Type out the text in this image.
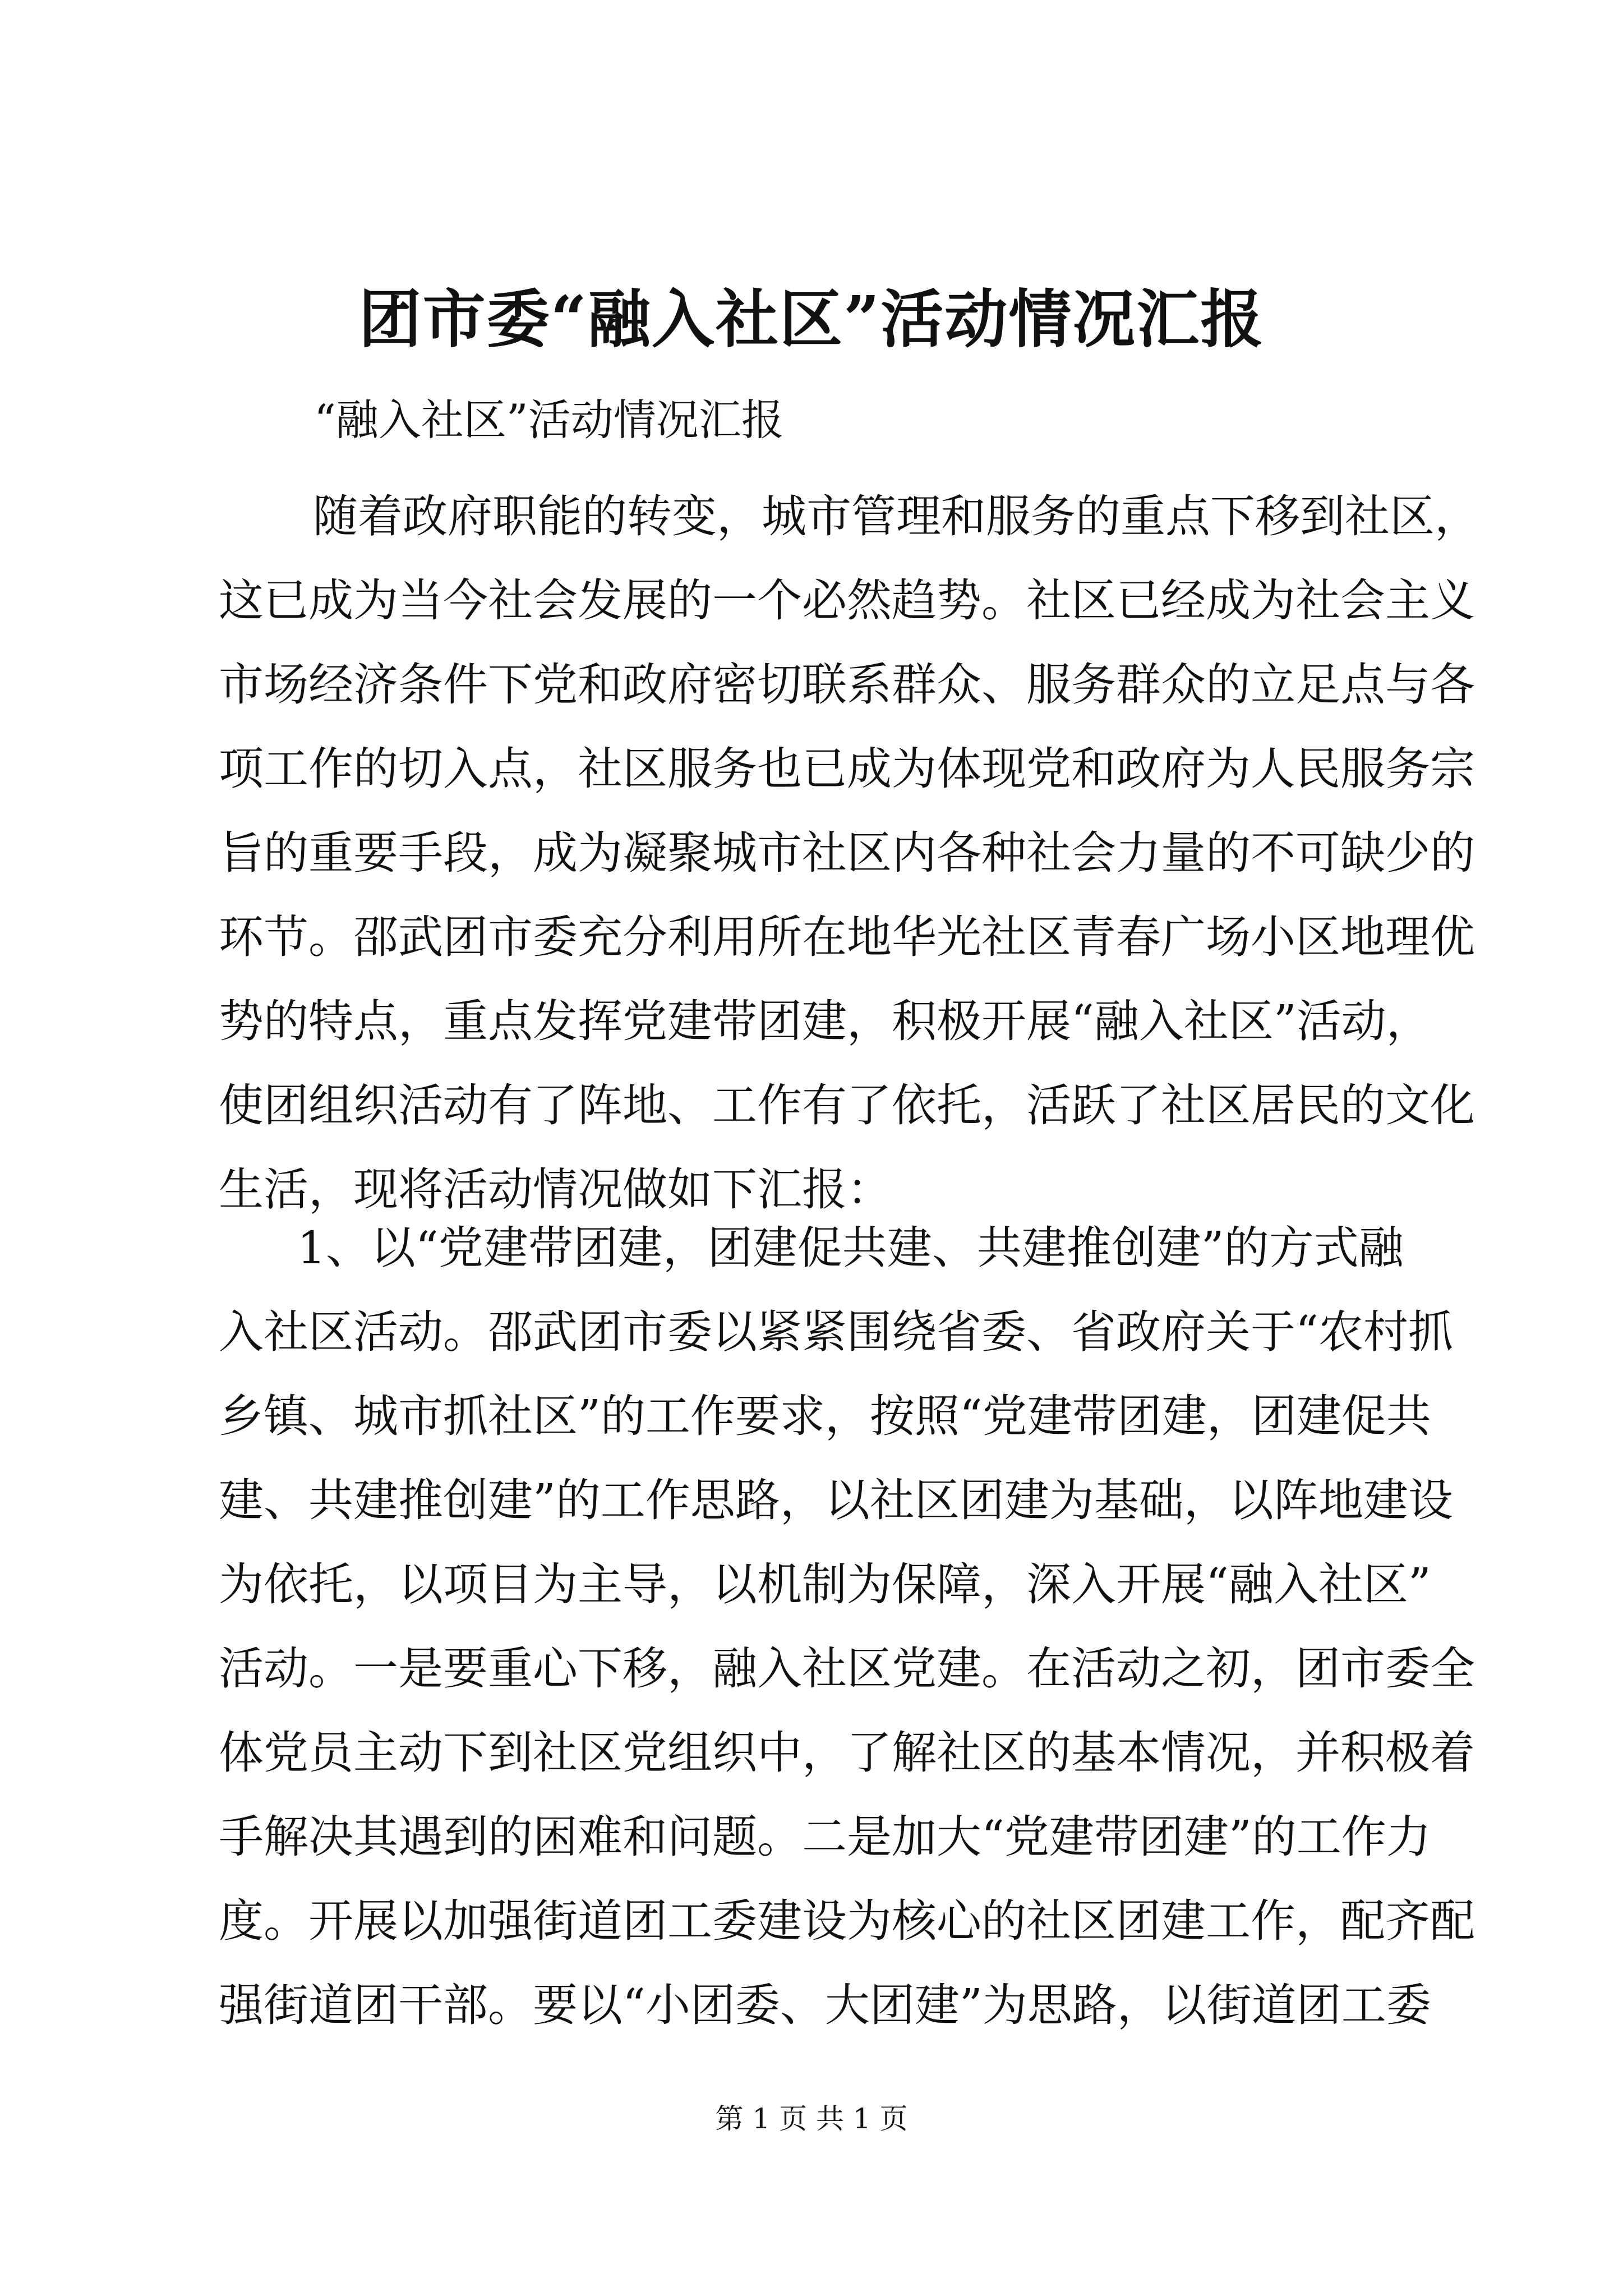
团市委“融入社区”活动情况汇报
“融入社区”活动情况汇报
随着政府职能的转变，城市管理和服务的重点下移到社区，
这已成为当今社会发展的一个必然趋势。社区已经成为社会主义
市场经济条件下党和政府密切联系群众、服务群众的立足点与各
项工作的切入点，社区服务也已成为体现党和政府为人民服务宗
旨的重要手段，成为凝聚城市社区内各种社会力量的不可缺少的
环节。邵武团市委充分利用所在地华光社区青春广场小区地理优
势的特点，重点发挥党建带团建，积极开展“融入社区”活动，
使团组织活动有了阵地、工作有了依托，活跃了社区居民的文化
生活，现将活动情况做如下汇报：
1、以“党建带团建，团建促共建、共建推创建”的方式融
入社区活动。邵武团市委以紧紧围绕省委、省政府关于“农村抓
乡镇、城市抓社区”的工作要求，按照“党建带团建，团建促共
建、共建推创建”的工作思路，以社区团建为基础，以阵地建设
为依托，以项目为主导，以机制为保障，深入开展“融入社区”
活动。一是要重心下移，融入社区党建。在活动之初，团市委全
体党员主动下到社区党组织中，了解社区的基本情况，并积极着
手解决其遇到的困难和问题。二是加大“党建带团建”的工作力
度。开展以加强街道团工委建设为核心的社区团建工作，配齐配
强街道团干部。要以“小团委、大团建”为思路，以街道团工委
第 1 页 共 1 页
